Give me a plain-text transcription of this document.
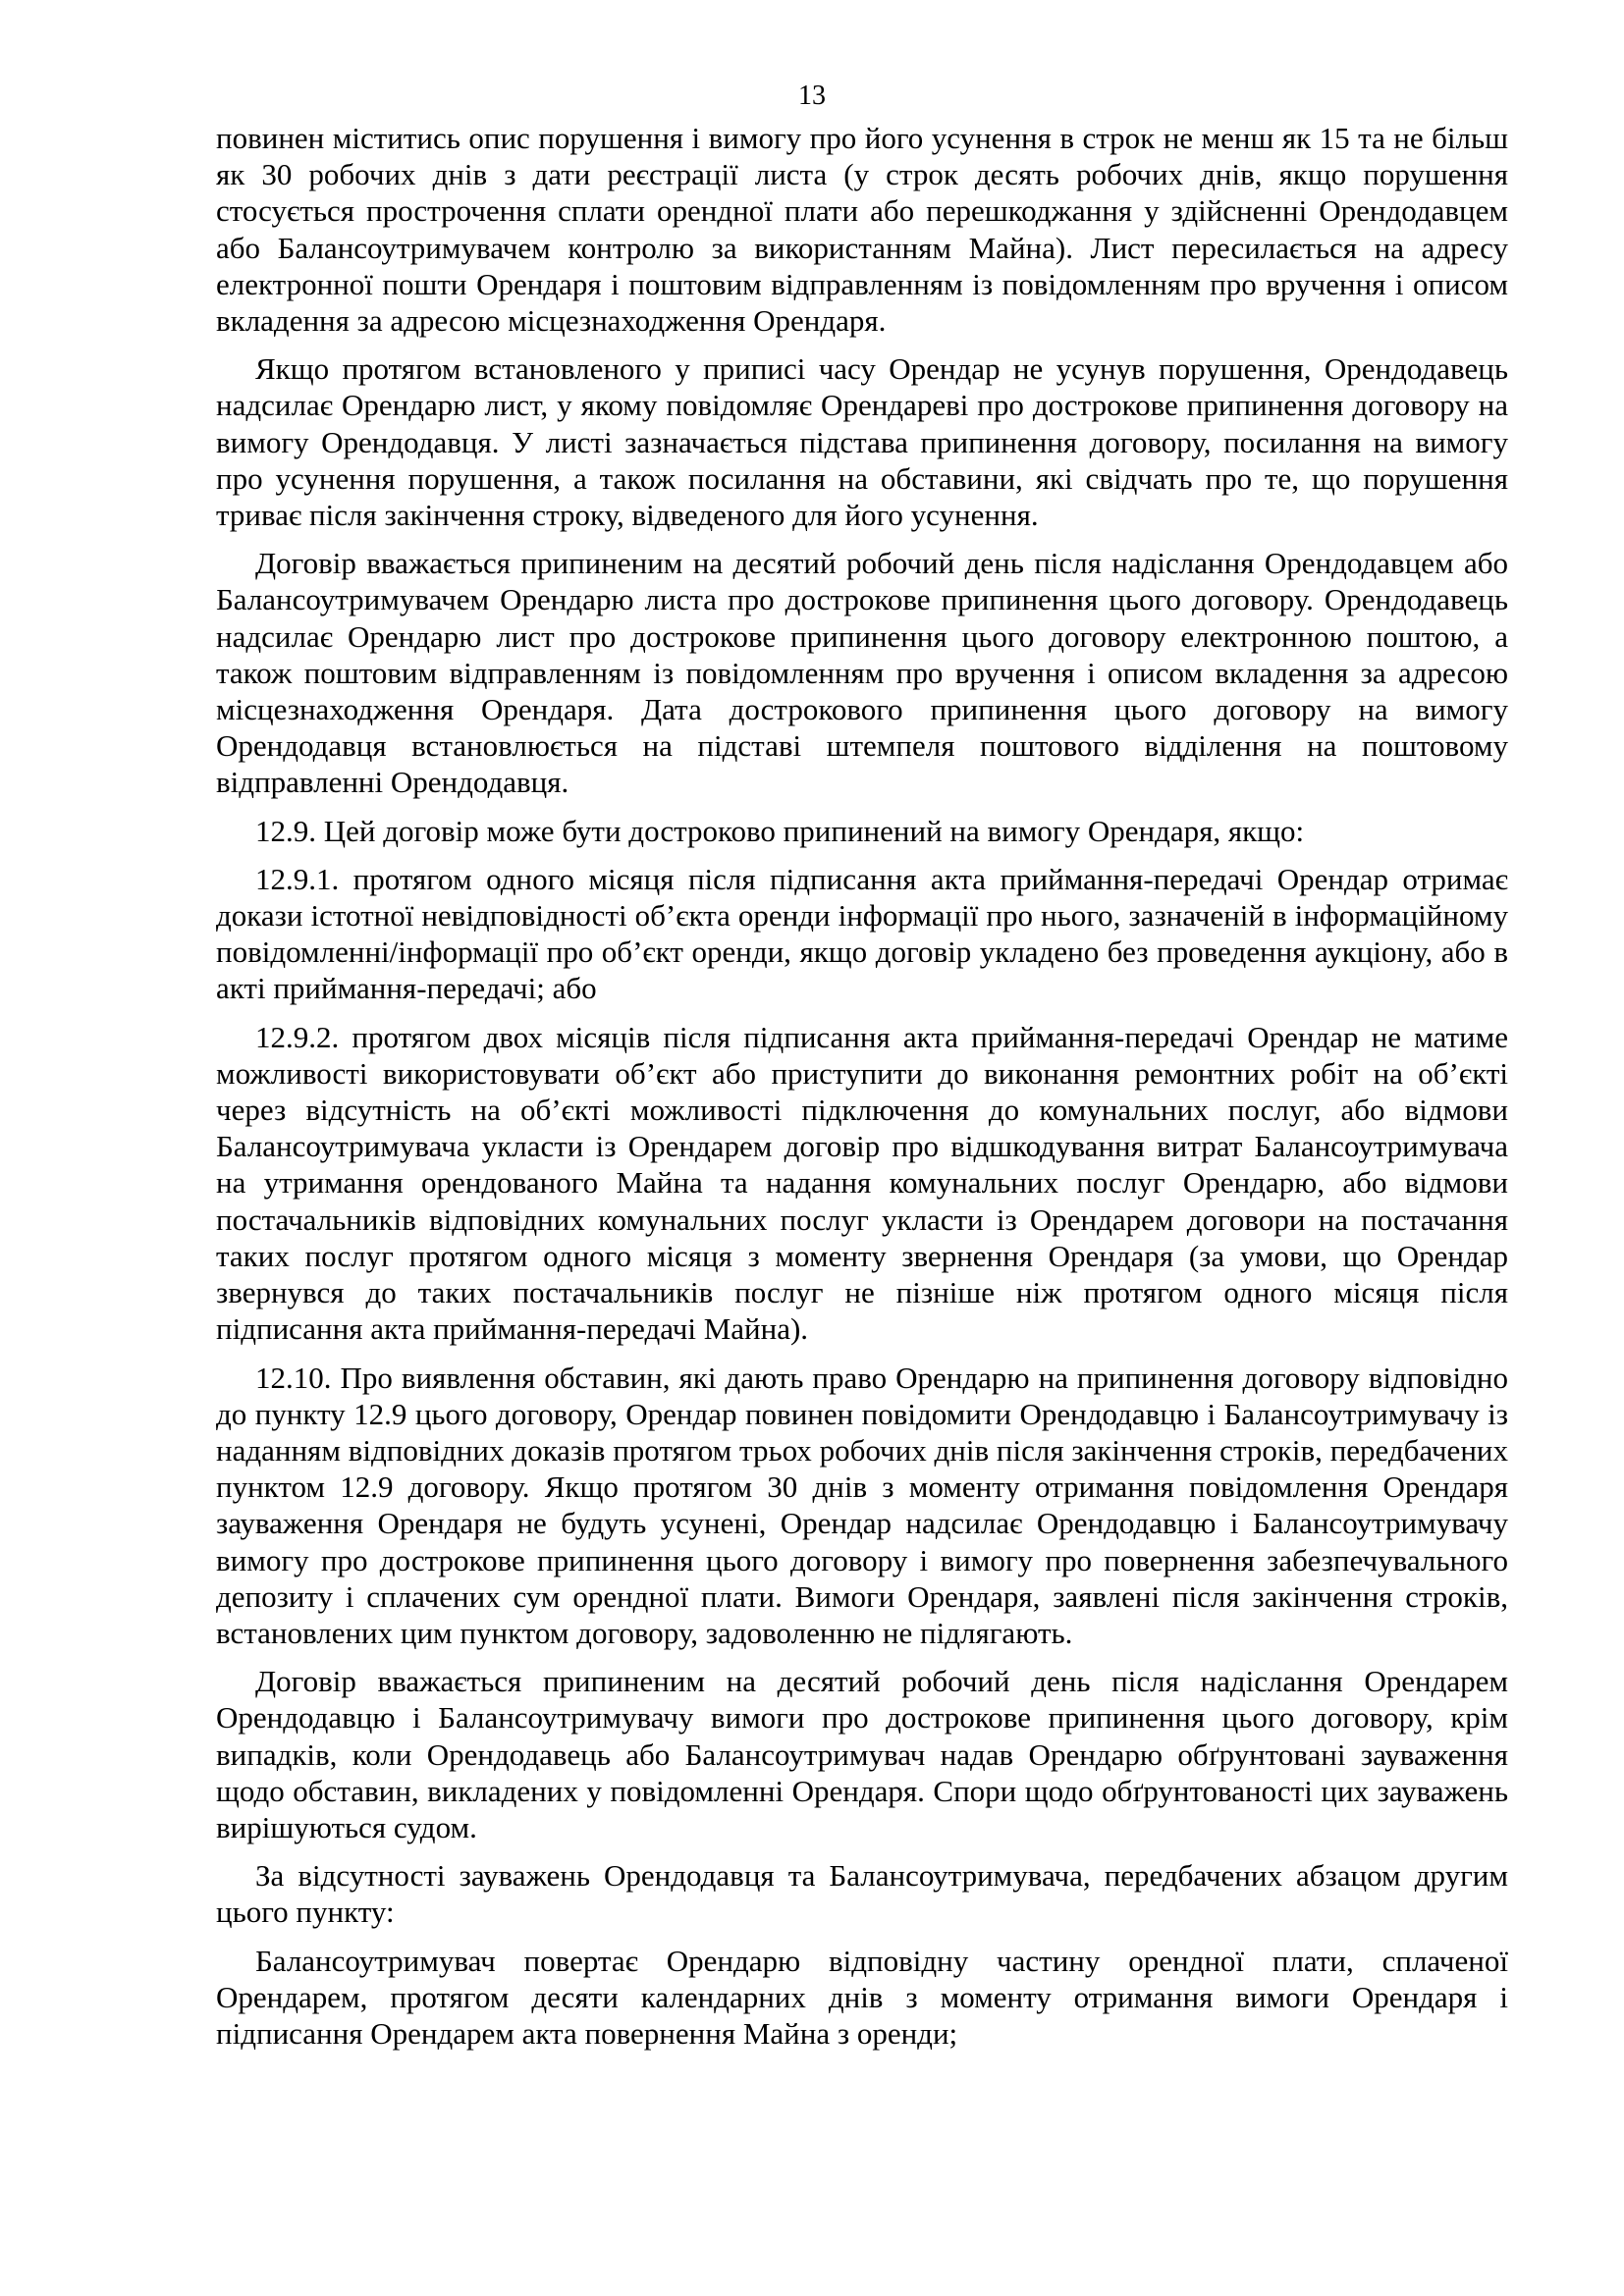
13

повинен міститись опис порушення і вимогу про його усунення в строк не менш як 15 та не більш як 30 робочих днів з дати реєстрації листа (у строк десять робочих днів, якщо порушення стосується прострочення сплати орендної плати або перешкоджання у здійсненні Орендодавцем або Балансоутримувачем контролю за використанням Майна). Лист пересилається на адресу електронної пошти Орендаря і поштовим відправленням із повідомленням про вручення і описом вкладення за адресою місцезнаходження Орендаря.

Якщо протягом встановленого у приписі часу Орендар не усунув порушення, Орендодавець надсилає Орендарю лист, у якому повідомляє Орендареві про дострокове припинення договору на вимогу Орендодавця. У листі зазначається підстава припинення договору, посилання на вимогу про усунення порушення, а також посилання на обставини, які свідчать про те, що порушення триває після закінчення строку, відведеного для його усунення.

Договір вважається припиненим на десятий робочий день після надіслання Орендодавцем або Балансоутримувачем Орендарю листа про дострокове припинення цього договору. Орендодавець надсилає Орендарю лист про дострокове припинення цього договору електронною поштою, а також поштовим відправленням із повідомленням про вручення і описом вкладення за адресою місцезнаходження Орендаря. Дата дострокового припинення цього договору на вимогу Орендодавця встановлюється на підставі штемпеля поштового відділення на поштовому відправленні Орендодавця.

12.9. Цей договір може бути достроково припинений на вимогу Орендаря, якщо:

12.9.1. протягом одного місяця після підписання акта приймання-передачі Орендар отримає докази істотної невідповідності об’єкта оренди інформації про нього, зазначеній в інформаційному повідомленні/інформації про об’єкт оренди, якщо договір укладено без проведення аукціону, або в акті приймання-передачі; або

12.9.2. протягом двох місяців після підписання акта приймання-передачі Орендар не матиме можливості використовувати об’єкт або приступити до виконання ремонтних робіт на об’єкті через відсутність на об’єкті можливості підключення до комунальних послуг, або відмови Балансоутримувача укласти із Орендарем договір про відшкодування витрат Балансоутримувача на утримання орендованого Майна та надання комунальних послуг Орендарю, або відмови постачальників відповідних комунальних послуг укласти із Орендарем договори на постачання таких послуг протягом одного місяця з моменту звернення Орендаря (за умови, що Орендар звернувся до таких постачальників послуг не пізніше ніж протягом одного місяця після підписання акта приймання-передачі Майна).

12.10. Про виявлення обставин, які дають право Орендарю на припинення договору відповідно до пункту 12.9 цього договору, Орендар повинен повідомити Орендодавцю і Балансоутримувачу із наданням відповідних доказів протягом трьох робочих днів після закінчення строків, передбачених пунктом 12.9 договору. Якщо протягом 30 днів з моменту отримання повідомлення Орендаря зауваження Орендаря не будуть усунені, Орендар надсилає Орендодавцю і Балансоутримувачу вимогу про дострокове припинення цього договору і вимогу про повернення забезпечувального депозиту і сплачених сум орендної плати. Вимоги Орендаря, заявлені після закінчення строків, встановлених цим пунктом договору, задоволенню не підлягають.

Договір вважається припиненим на десятий робочий день після надіслання Орендарем Орендодавцю і Балансоутримувачу вимоги про дострокове припинення цього договору, крім випадків, коли Орендодавець або Балансоутримувач надав Орендарю обґрунтовані зауваження щодо обставин, викладених у повідомленні Орендаря. Спори щодо обґрунтованості цих зауважень вирішуються судом.

За відсутності зауважень Орендодавця та Балансоутримувача, передбачених абзацом другим цього пункту:

Балансоутримувач повертає Орендарю відповідну частину орендної плати, сплаченої Орендарем, протягом десяти календарних днів з моменту отримання вимоги Орендаря і підписання Орендарем акта повернення Майна з оренди;
